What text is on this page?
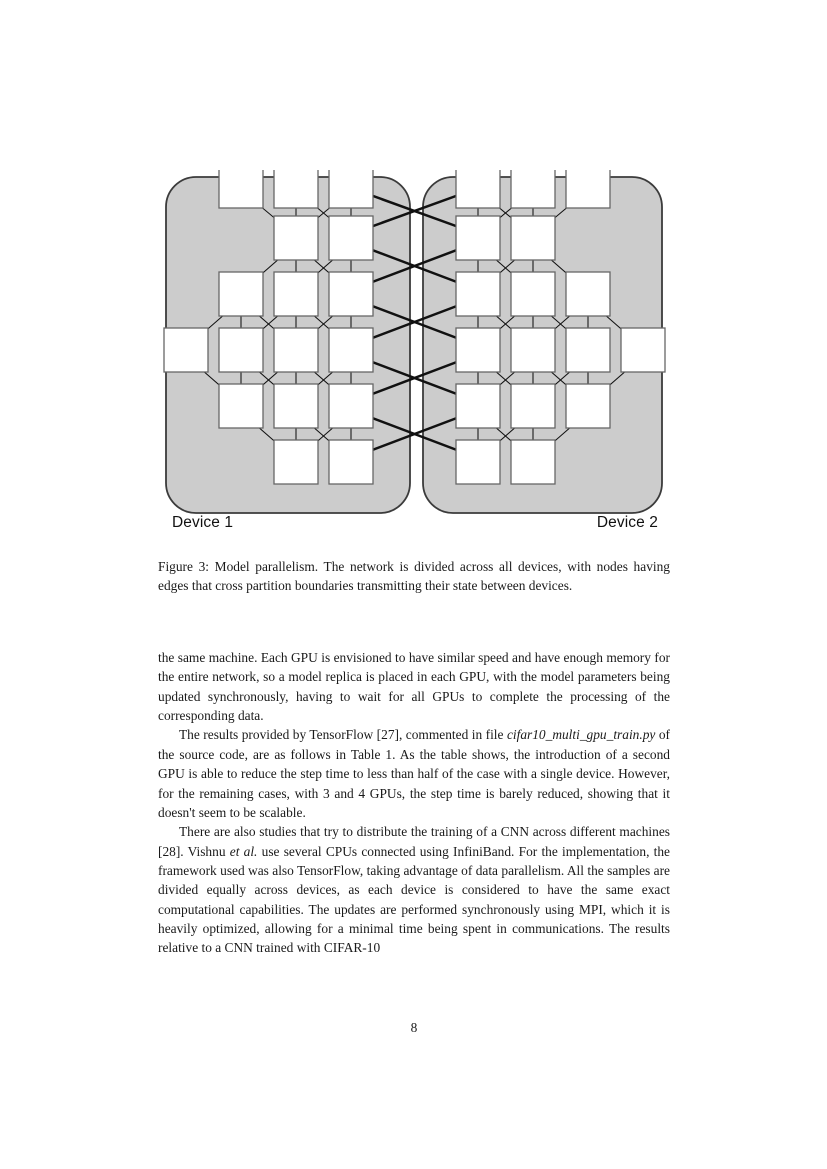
Device 1	Device 2
Figure 3: Model parallelism. The network is divided across all devices, with nodes having edges that cross partition boundaries transmitting their state between devices.

the same machine. Each GPU is envisioned to have similar speed and have enough memory for the entire network, so a model replica is placed in each GPU, with the model parameters being updated synchronously, having to wait for all GPUs to complete the processing of the corresponding data.

The results provided by TensorFlow [27], commented in file cifar10_multi_gpu_train.py of the source code, are as follows in Table 1. As the table shows, the introduction of a second GPU is able to reduce the step time to less than half of the case with a single device. However, for the remaining cases, with 3 and 4 GPUs, the step time is barely reduced, showing that it doesn't seem to be scalable.

There are also studies that try to distribute the training of a CNN across different machines [28]. Vishnu et al. use several CPUs connected using InfiniBand. For the implementation, the framework used was also TensorFlow, taking advantage of data parallelism. All the samples are divided equally across devices, as each device is considered to have the same exact computational capabilities. The updates are performed synchronously using MPI, which it is heavily optimized, allowing for a minimal time being spent in communications. The results relative to a CNN trained with CIFAR-10

8
